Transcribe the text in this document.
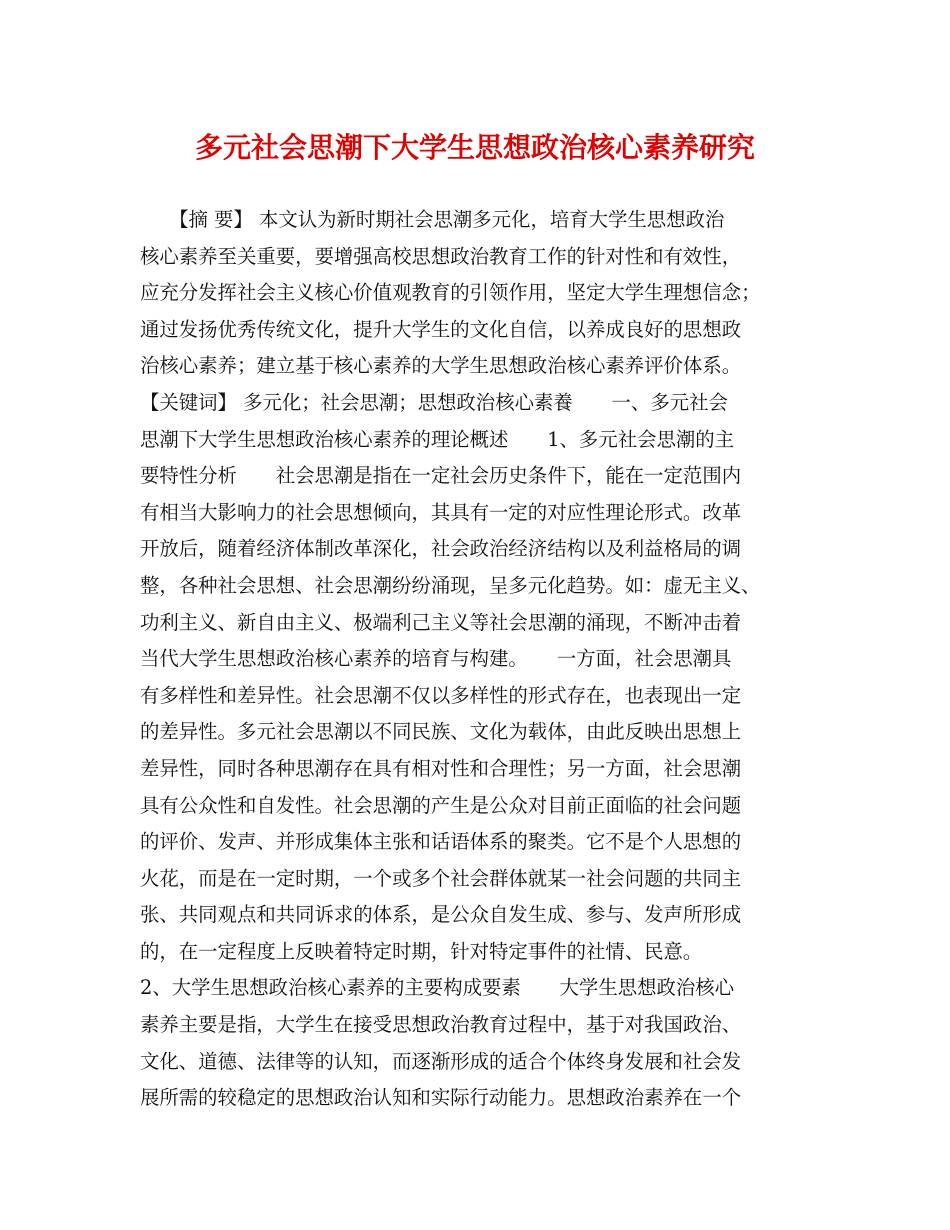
多元社会思潮下大学生思想政治核心素养研究
　　【摘 要】 本文认为新时期社会思潮多元化，培育大学生思想政治
核心素养至关重要，要增强高校思想政治教育工作的针对性和有效性，
应充分发挥社会主义核心价值观教育的引领作用，坚定大学生理想信念；
通过发扬优秀传统文化，提升大学生的文化自信，以养成良好的思想政
治核心素养；建立基于核心素养的大学生思想政治核心素养评价体系。
【关键词】 多元化；社会思潮；思想政治核心素養　　一、多元社会
思潮下大学生思想政治核心素养的理论概述　　1、多元社会思潮的主
要特性分析　　社会思潮是指在一定社会历史条件下，能在一定范围内
有相当大影响力的社会思想倾向，其具有一定的对应性理论形式。改革
开放后，随着经济体制改革深化，社会政治经济结构以及利益格局的调
整，各种社会思想、社会思潮纷纷涌现，呈多元化趋势。如：虚无主义、
功利主义、新自由主义、极端利己主义等社会思潮的涌现，不断冲击着
当代大学生思想政治核心素养的培育与构建。　　一方面，社会思潮具
有多样性和差异性。社会思潮不仅以多样性的形式存在，也表现出一定
的差异性。多元社会思潮以不同民族、文化为载体，由此反映出思想上
差异性，同时各种思潮存在具有相对性和合理性；另一方面，社会思潮
具有公众性和自发性。社会思潮的产生是公众对目前正面临的社会问题
的评价、发声、并形成集体主张和话语体系的聚类。它不是个人思想的
火花，而是在一定时期，一个或多个社会群体就某一社会问题的共同主
张、共同观点和共同诉求的体系，是公众自发生成、参与、发声所形成
的，在一定程度上反映着特定时期，针对特定事件的社情、民意。
2、大学生思想政治核心素养的主要构成要素　　大学生思想政治核心
素养主要是指，大学生在接受思想政治教育过程中，基于对我国政治、
文化、道德、法律等的认知，而逐渐形成的适合个体终身发展和社会发
展所需的较稳定的思想政治认知和实际行动能力。思想政治素养在一个
